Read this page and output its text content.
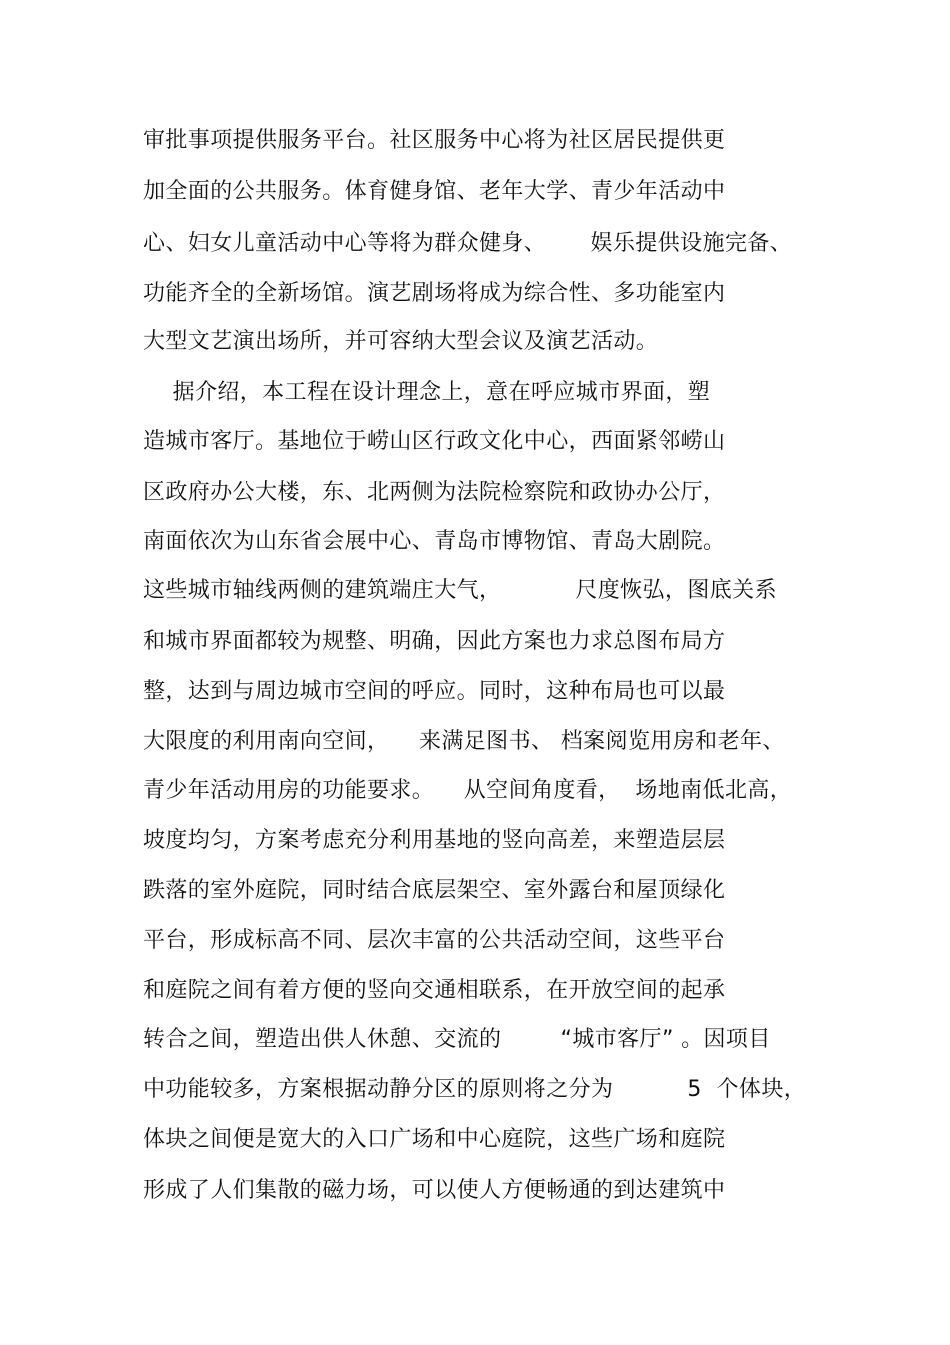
审批事项提供服务平台。社区服务中心将为社区居民提供更
加全面的公共服务。体育健身馆、老年大学、青少年活动中
心、妇女儿童活动中心等将为群众健身、      娱乐提供设施完备、
功能齐全的全新场馆。演艺剧场将成为综合性、多功能室内
大型文艺演出场所，并可容纳大型会议及演艺活动。
据介绍，本工程在设计理念上，意在呼应城市界面，塑
造城市客厅。基地位于崂山区行政文化中心，西面紧邻崂山
区政府办公大楼，东、北两侧为法院检察院和政协办公厅，
南面依次为山东省会展中心、青岛市博物馆、青岛大剧院。
这些城市轴线两侧的建筑端庄大气，          尺度恢弘，图底关系
和城市界面都较为规整、明确，因此方案也力求总图布局方
整，达到与周边城市空间的呼应。同时，这种布局也可以最
大限度的利用南向空间，    来满足图书、 档案阅览用房和老年、
青少年活动用房的功能要求。    从空间角度看，  场地南低北高，
坡度均匀，方案考虑充分利用基地的竖向高差，来塑造层层
跌落的室外庭院，同时结合底层架空、室外露台和屋顶绿化
平台，形成标高不同、层次丰富的公共活动空间，这些平台
和庭院之间有着方便的竖向交通相联系，在开放空间的起承
转合之间，塑造出供人休憩、交流的        “城市客厅” 。因项目
中功能较多，方案根据动静分区的原则将之分为          5  个体块，
体块之间便是宽大的入口广场和中心庭院，这些广场和庭院
形成了人们集散的磁力场，可以使人方便畅通的到达建筑中
